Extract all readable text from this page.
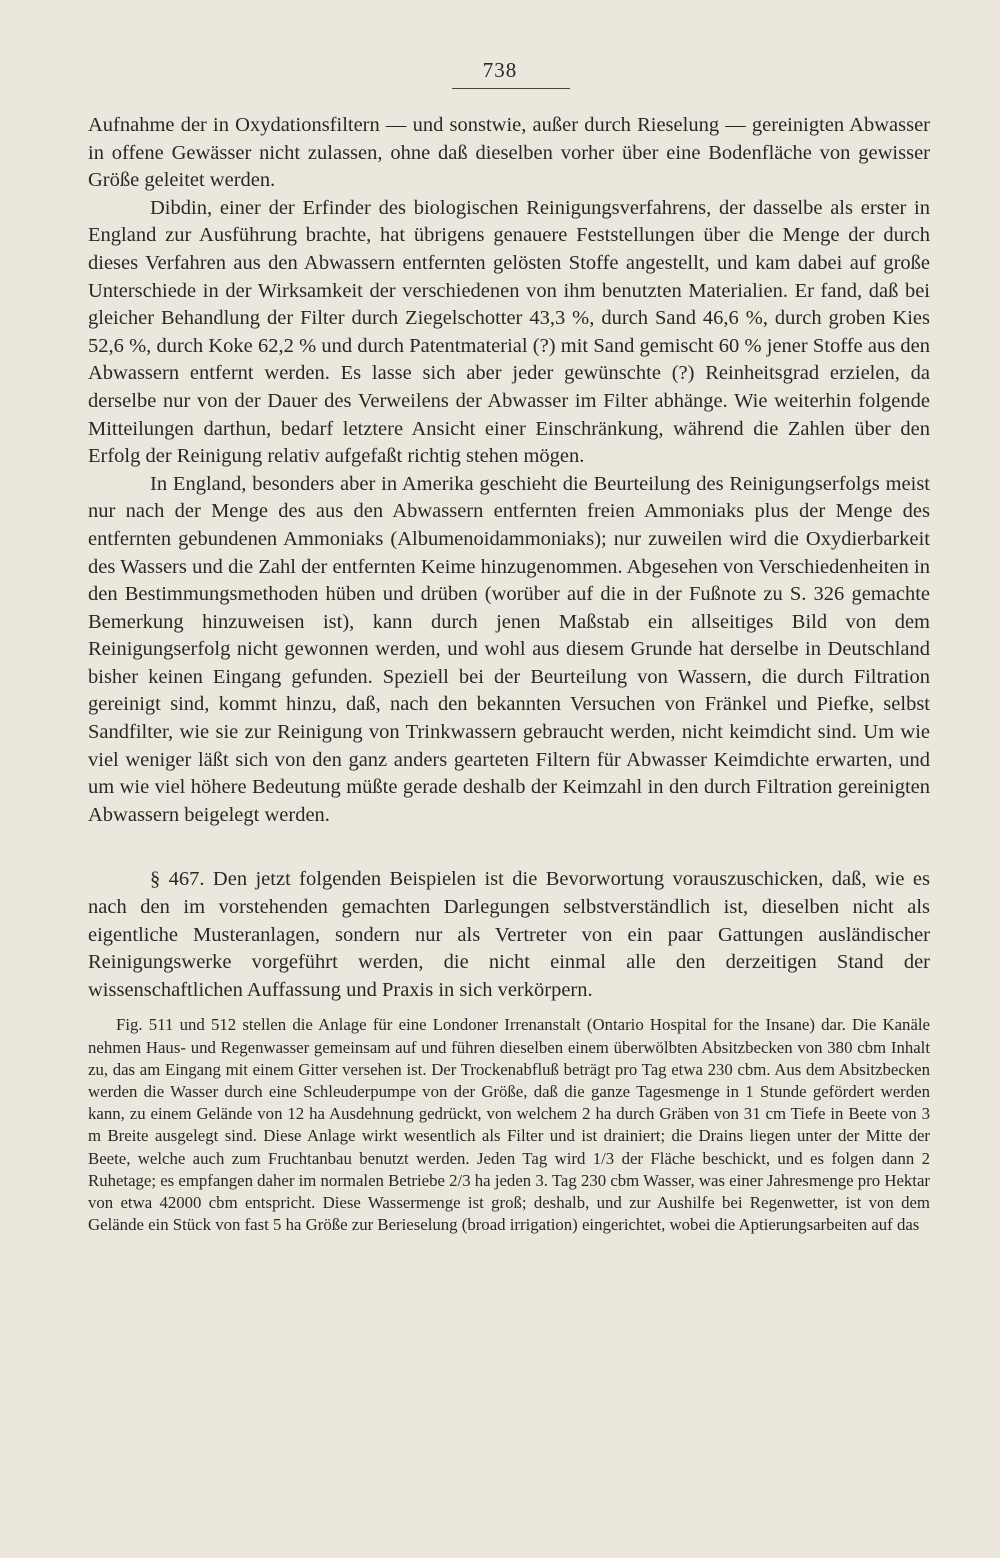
738

Aufnahme der in Oxydationsfiltern — und sonstwie, außer durch Rieselung — gereinigten Abwasser in offene Gewässer nicht zulassen, ohne daß dieselben vorher über eine Bodenfläche von gewisser Größe geleitet werden.

Dibdin, einer der Erfinder des biologischen Reinigungsverfahrens, der dasselbe als erster in England zur Ausführung brachte, hat übrigens genauere Feststellungen über die Menge der durch dieses Verfahren aus den Abwassern entfernten gelösten Stoffe angestellt, und kam dabei auf große Unterschiede in der Wirksamkeit der verschiedenen von ihm benutzten Materialien. Er fand, daß bei gleicher Behandlung der Filter durch Ziegelschotter 43,3 %, durch Sand 46,6 %, durch groben Kies 52,6 %, durch Koke 62,2 % und durch Patentmaterial (?) mit Sand gemischt 60 % jener Stoffe aus den Abwassern entfernt werden. Es lasse sich aber jeder gewünschte (?) Reinheitsgrad erzielen, da derselbe nur von der Dauer des Verweilens der Abwasser im Filter abhänge. Wie weiterhin folgende Mitteilungen darthun, bedarf letztere Ansicht einer Einschränkung, während die Zahlen über den Erfolg der Reinigung relativ aufgefaßt richtig stehen mögen.

In England, besonders aber in Amerika geschieht die Beurteilung des Reinigungserfolgs meist nur nach der Menge des aus den Abwassern entfernten freien Ammoniaks plus der Menge des entfernten gebundenen Ammoniaks (Albumenoidammoniaks); nur zuweilen wird die Oxydierbarkeit des Wassers und die Zahl der entfernten Keime hinzugenommen. Abgesehen von Verschiedenheiten in den Bestimmungsmethoden hüben und drüben (worüber auf die in der Fußnote zu S. 326 gemachte Bemerkung hinzuweisen ist), kann durch jenen Maßstab ein allseitiges Bild von dem Reinigungserfolg nicht gewonnen werden, und wohl aus diesem Grunde hat derselbe in Deutschland bisher keinen Eingang gefunden. Speziell bei der Beurteilung von Wassern, die durch Filtration gereinigt sind, kommt hinzu, daß, nach den bekannten Versuchen von Fränkel und Piefke, selbst Sandfilter, wie sie zur Reinigung von Trinkwassern gebraucht werden, nicht keimdicht sind. Um wie viel weniger läßt sich von den ganz anders gearteten Filtern für Abwasser Keimdichte erwarten, und um wie viel höhere Bedeutung müßte gerade deshalb der Keimzahl in den durch Filtration gereinigten Abwassern beigelegt werden.

§ 467. Den jetzt folgenden Beispielen ist die Bevorwortung vorauszuschicken, daß, wie es nach den im vorstehenden gemachten Darlegungen selbstverständlich ist, dieselben nicht als eigentliche Musteranlagen, sondern nur als Vertreter von ein paar Gattungen ausländischer Reinigungswerke vorgeführt werden, die nicht einmal alle den derzeitigen Stand der wissenschaftlichen Auffassung und Praxis in sich verkörpern.

Fig. 511 und 512 stellen die Anlage für eine Londoner Irrenanstalt (Ontario Hospital for the Insane) dar. Die Kanäle nehmen Haus- und Regenwasser gemeinsam auf und führen dieselben einem überwölbten Absitzbecken von 380 cbm Inhalt zu, das am Eingang mit einem Gitter versehen ist. Der Trockenabfluß beträgt pro Tag etwa 230 cbm. Aus dem Absitzbecken werden die Wasser durch eine Schleuderpumpe von der Größe, daß die ganze Tagesmenge in 1 Stunde gefördert werden kann, zu einem Gelände von 12 ha Ausdehnung gedrückt, von welchem 2 ha durch Gräben von 31 cm Tiefe in Beete von 3 m Breite ausgelegt sind. Diese Anlage wirkt wesentlich als Filter und ist drainiert; die Drains liegen unter der Mitte der Beete, welche auch zum Fruchtanbau benutzt werden. Jeden Tag wird 1/3 der Fläche beschickt, und es folgen dann 2 Ruhetage; es empfangen daher im normalen Betriebe 2/3 ha jeden 3. Tag 230 cbm Wasser, was einer Jahresmenge pro Hektar von etwa 42000 cbm entspricht. Diese Wassermenge ist groß; deshalb, und zur Aushilfe bei Regenwetter, ist von dem Gelände ein Stück von fast 5 ha Größe zur Berieselung (broad irrigation) eingerichtet, wobei die Aptierungsarbeiten auf das
